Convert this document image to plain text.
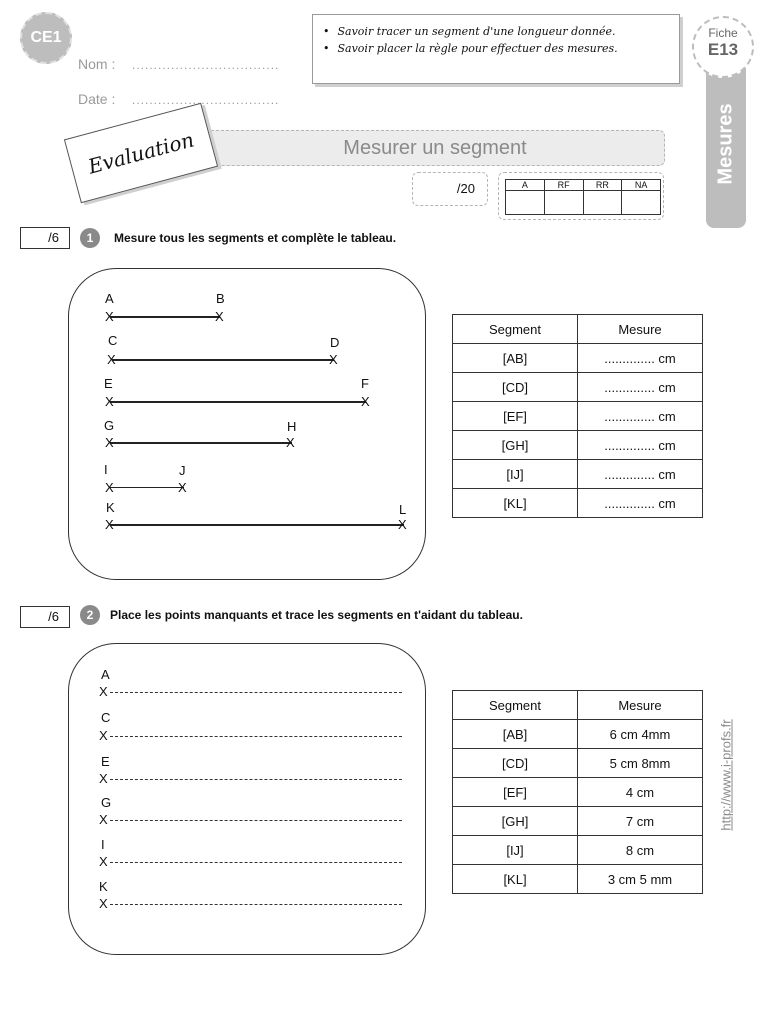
CE1
Nom : ..................................
Date : ..................................
• Savoir tracer un segment d'une longueur donnée.
• Savoir placer la règle pour effectuer des mesures.
Mesures
Fiche
E13
Mesurer un segment
Evaluation
/20	A	RF	RR	NA

/6	1 Mesure tous les segments et complète le tableau.
A	B
X	X
C	D
X	X
E	F
X	X
G	H
X	X
I	J
X	X
K	L
X	X
Segment	Mesure
[AB]	.............. cm
[CD]	.............. cm
[EF]	.............. cm
[GH]	.............. cm
[IJ]	.............. cm
[KL]	.............. cm
/6	2 Place les points manquants et trace les segments en t'aidant du tableau.
A
X
C
X
E
X
G
X
I
X
K
X
Segment	Mesure
[AB]	6 cm 4mm
[CD]	5 cm 8mm
[EF]	4 cm
[GH]	7 cm
[IJ]	8 cm
[KL]	3 cm 5 mm
http://www.i-profs.fr
